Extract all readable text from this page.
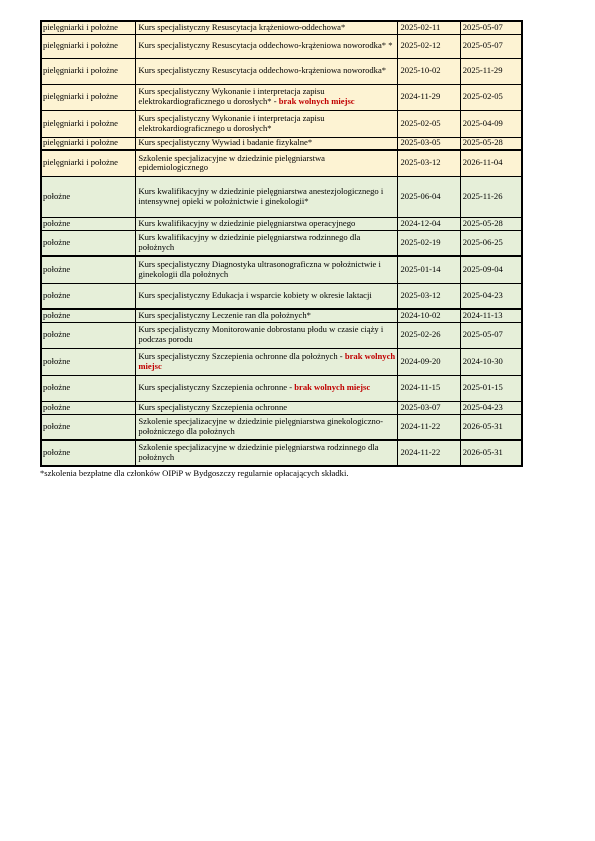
pielęgniarki i położne	Kurs specjalistyczny Resuscytacja krążeniowo-oddechowa*	2025-02-11	2025-05-07
pielęgniarki i położne	Kurs specjalistyczny Resuscytacja oddechowo-krążeniowa noworodka* *	2025-02-12	2025-05-07
pielęgniarki i położne	Kurs specjalistyczny Resuscytacja oddechowo-krążeniowa noworodka*	2025-10-02	2025-11-29
pielęgniarki i położne	Kurs specjalistyczny Wykonanie i interpretacja zapisu elektrokardiograficznego u dorosłych* - brak wolnych miejsc	2024-11-29	2025-02-05
pielęgniarki i położne	Kurs specjalistyczny Wykonanie i interpretacja zapisu elektrokardiograficznego u dorosłych*	2025-02-05	2025-04-09
pielęgniarki i położne	Kurs specjalistyczny Wywiad i badanie fizykalne*	2025-03-05	2025-05-28
pielęgniarki i położne	Szkolenie specjalizacyjne w dziedzinie pielęgniarstwa epidemiologicznego	2025-03-12	2026-11-04
położne	Kurs kwalifikacyjny w dziedzinie pielęgniarstwa anestezjologicznego i intensywnej opieki w położnictwie i ginekologii*	2025-06-04	2025-11-26
położne	Kurs kwalifikacyjny w dziedzinie pielęgniarstwa operacyjnego	2024-12-04	2025-05-28
położne	Kurs kwalifikacyjny w dziedzinie pielęgniarstwa rodzinnego dla położnych	2025-02-19	2025-06-25
położne	Kurs specjalistyczny Diagnostyka ultrasonograficzna w położnictwie i ginekologii dla położnych	2025-01-14	2025-09-04
położne	Kurs specjalistyczny Edukacja i wsparcie kobiety w okresie laktacji	2025-03-12	2025-04-23
położne	Kurs specjalistyczny Leczenie ran dla położnych*	2024-10-02	2024-11-13
położne	Kurs specjalistyczny Monitorowanie dobrostanu płodu w czasie ciąży i podczas porodu	2025-02-26	2025-05-07
położne	Kurs specjalistyczny Szczepienia ochronne dla położnych - brak wolnych miejsc	2024-09-20	2024-10-30
położne	Kurs specjalistyczny Szczepienia ochronne - brak wolnych miejsc	2024-11-15	2025-01-15
położne	Kurs specjalistyczny Szczepienia ochronne	2025-03-07	2025-04-23
położne	Szkolenie specjalizacyjne w dziedzinie pielęgniarstwa ginekologiczno-położniczego dla położnych	2024-11-22	2026-05-31
położne	Szkolenie specjalizacyjne w dziedzinie pielęgniarstwa rodzinnego dla położnych	2024-11-22	2026-05-31
*szkolenia bezpłatne dla członków OIPiP w Bydgoszczy regularnie opłacających składki.
